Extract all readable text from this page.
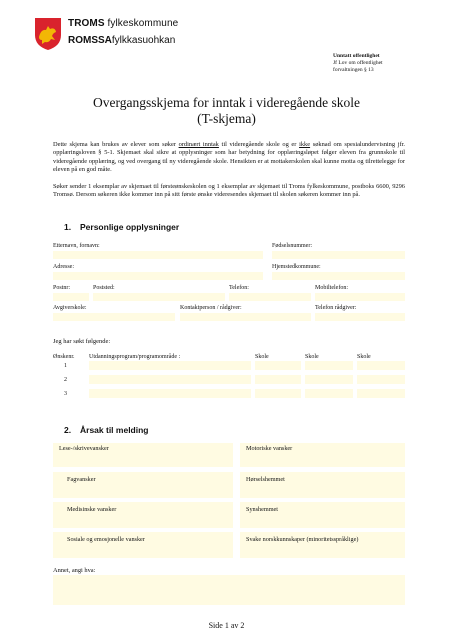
TROMS fylkeskommune
ROMSSAfylkkasuohkan
Unntatt offentlighet
Jf Lov om offentlighet
forvaltningen § 13
Overgangsskjema for inntak i videregående skole
(T-skjema)
Dette skjema kan brukes av elever som søker ordinært inntak til videregående skole og er ikke søknad om spesialundervisning jfr. opplæringsloven § 5-1. Skjemaet skal sikre at opplysninger som har betydning for opplæringsløpet følger eleven fra grunnskole til videregående opplæring, og ved overgang til ny videregående skole. Hensikten er at mottakerskolen skal kunne motta og tilrettelegge for eleven på en god måte.
Søker sender 1 eksemplar av skjemaet til førsteønskeskolen og 1 eksemplar av skjemaet til Troms fylkeskommune, postboks 6600, 9296 Tromsø. Dersom søkeren ikke kommer inn på sitt første ønske videresendes skjemaet til skolen søkeren kommer inn på.
1. Personlige opplysninger
Etternavn, fornavn:	Fødselsnummer:
Adresse:	Hjemstedkommune:
Postnr:	Poststed:	Telefon:	Mobiltelefon:
Avgiverskole:	Kontaktperson / rådgiver:	Telefon rådgiver:
Jeg har søkt følgende:
Ønskenr. Utdanningsprogram/programområde :	Skole	Skole	Skole
1
2
3
2. Årsak til melding
Lese-/skrivevansker	Motoriske vansker
Fagvansker	Hørselshemmet
Medisinske vansker	Synshemmet
Sosiale og emosjonelle vansker	Svake norskkunnskaper (minoritetsspråklige)
Annet, angi hva:
Side 1 av 2
